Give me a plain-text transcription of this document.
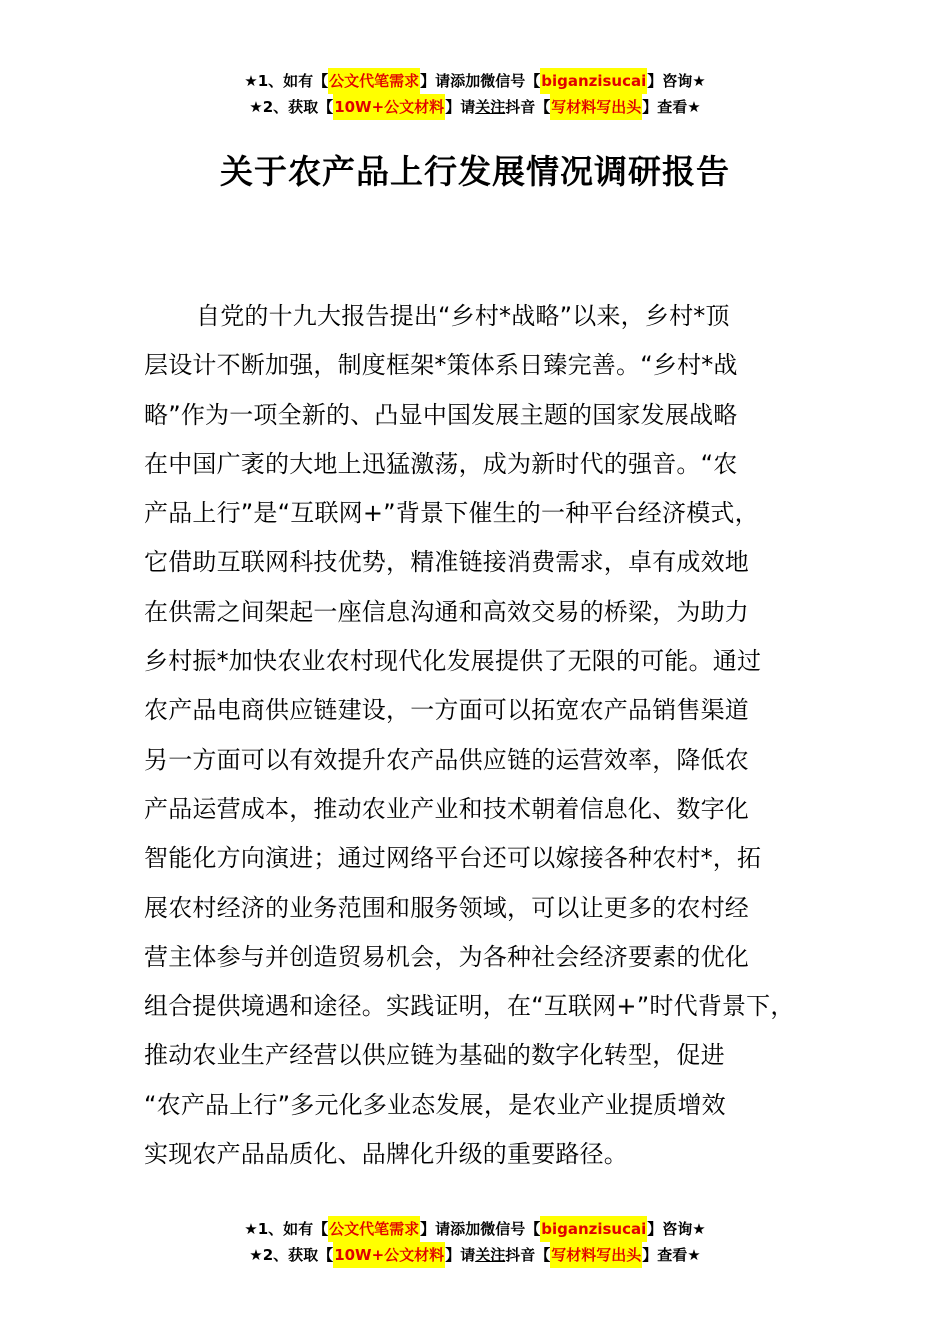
★1、如有【 公文代笔需求 】请添 加 微信号【 biganzisucai 】咨询★
★2、获取【 10W+公文材料 】请 关注 抖音【 写材料写出头 】查看★
关于农产品上行发展情况调研报告
自党的十九大报告提出“乡村*战略”以来，乡村*顶
层设计不断加强，制度框架*策体系日臻完善。“乡村*战
略”作为一项全新的、凸显中国发展主题的国家发展战略
在中国广袤的大地上迅猛激荡，成为新时代的强音。“农
产品上行”是“互联网+”背景下催生的一种平台经济模式，
它借助互联网科技优势，精准链接消费需求，卓有成效地
在供需之间架起一座信息沟通和高效交易的桥梁，为助力
乡村振*加快农业农村现代化发展提供了无限的可能。通过
农产品电商供应链建设，一方面可以拓宽农产品销售渠道
另一方面可以有效提升农产品供应链的运营效率，降低农
产品运营成本，推动农业产业和技术朝着信息化、数字化
智能化方向演进；通过网络平台还可以嫁接各种农村*，拓
展农村经济的业务范围和服务领域，可以让更多的农村经
营主体参与并创造贸易机会，为各种社会经济要素的优化
组合提供境遇和途径。实践证明，在“互联网+”时代背景下，
推动农业生产经营以供应链为基础的数字化转型，促进
“农产品上行”多元化多业态发展，是农业产业提质增效
实现农产品品质化、品牌化升级的重要路径。
★1、如有【 公文代笔需求 】请添 加 微信号【 biganzisucai 】咨询★
★2、获取【 10W+公文材料 】请 关注 抖音【 写材料写出头 】查看★
